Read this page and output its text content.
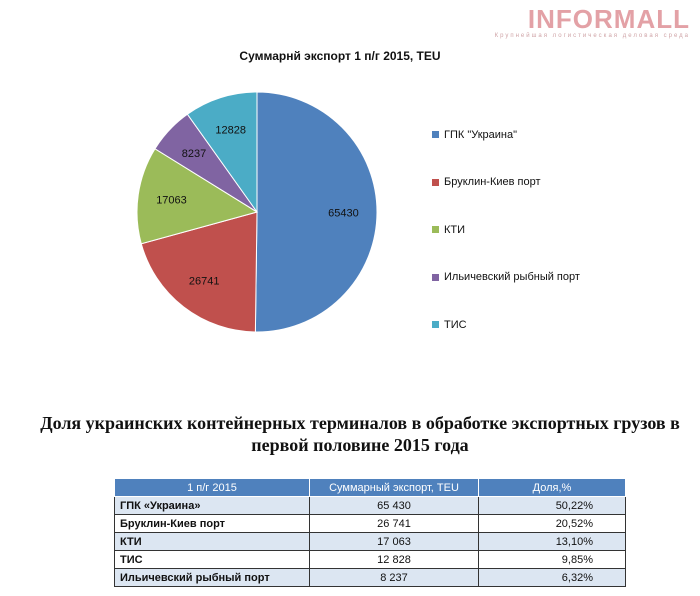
INFORMALL
Крупнейшая логистическая деловая среда
Суммарнй экспорт 1 п/г 2015, TEU
65430
26741
17063
8237
12828	ГПК "Украина"
Бруклин-Киев порт
КТИ
Ильичевский рыбный порт
ТИС
Доля украинских контейнерных терминалов в обработке экспортных грузов в первой половине 2015 года
1 п/г 2015	Суммарный экспорт, TEU	Доля,%
ГПК «Украина»	65 430	50,22%
Бруклин-Киев порт	26 741	20,52%
КТИ	17 063	13,10%
ТИС	12 828	9,85%
Ильичевский рыбный порт	8 237	6,32%
